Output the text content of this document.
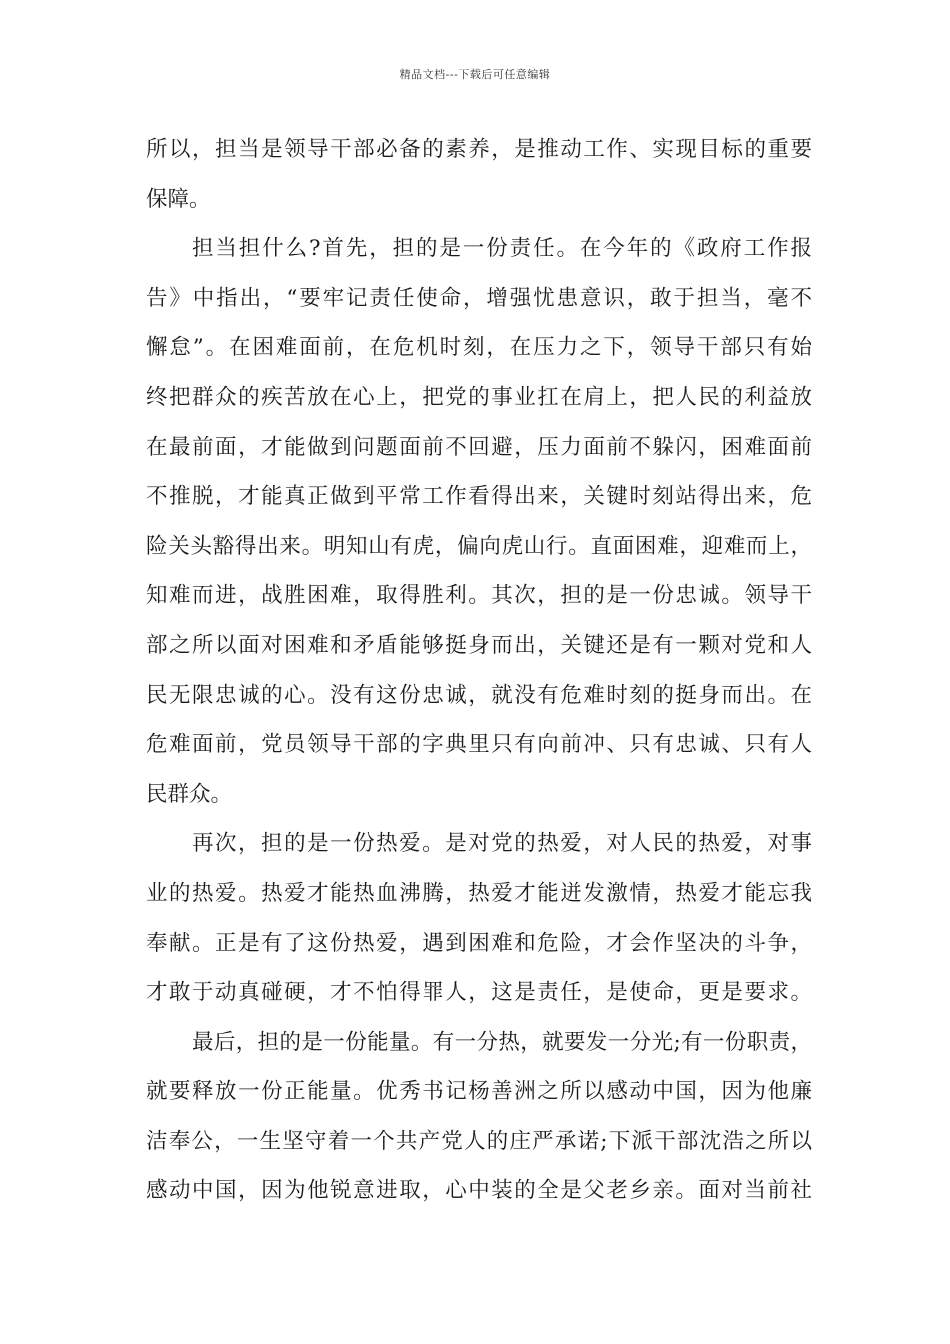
精品文档---下载后可任意编辑
所以，担当是领导干部必备的素养，是推动工作、实现目标的重要
保障。
担当担什么?首先，担的是一份责任。在今年的《政府工作报
告》中指出，“要牢记责任使命，增强忧患意识，敢于担当，毫不
懈怠”。在困难面前，在危机时刻，在压力之下，领导干部只有始
终把群众的疾苦放在心上，把党的事业扛在肩上，把人民的利益放
在最前面，才能做到问题面前不回避，压力面前不躲闪，困难面前
不推脱，才能真正做到平常工作看得出来，关键时刻站得出来，危
险关头豁得出来。明知山有虎，偏向虎山行。直面困难，迎难而上，
知难而进，战胜困难，取得胜利。其次，担的是一份忠诚。领导干
部之所以面对困难和矛盾能够挺身而出，关键还是有一颗对党和人
民无限忠诚的心。没有这份忠诚，就没有危难时刻的挺身而出。在
危难面前，党员领导干部的字典里只有向前冲、只有忠诚、只有人
民群众。
再次，担的是一份热爱。是对党的热爱，对人民的热爱，对事
业的热爱。热爱才能热血沸腾，热爱才能迸发激情，热爱才能忘我
奉献。正是有了这份热爱，遇到困难和危险，才会作坚决的斗争，
才敢于动真碰硬，才不怕得罪人，这是责任，是使命，更是要求。
最后，担的是一份能量。有一分热，就要发一分光;有一份职责，
就要释放一份正能量。优秀书记杨善洲之所以感动中国，因为他廉
洁奉公，一生坚守着一个共产党人的庄严承诺;下派干部沈浩之所以
感动中国，因为他锐意进取，心中装的全是父老乡亲。面对当前社
